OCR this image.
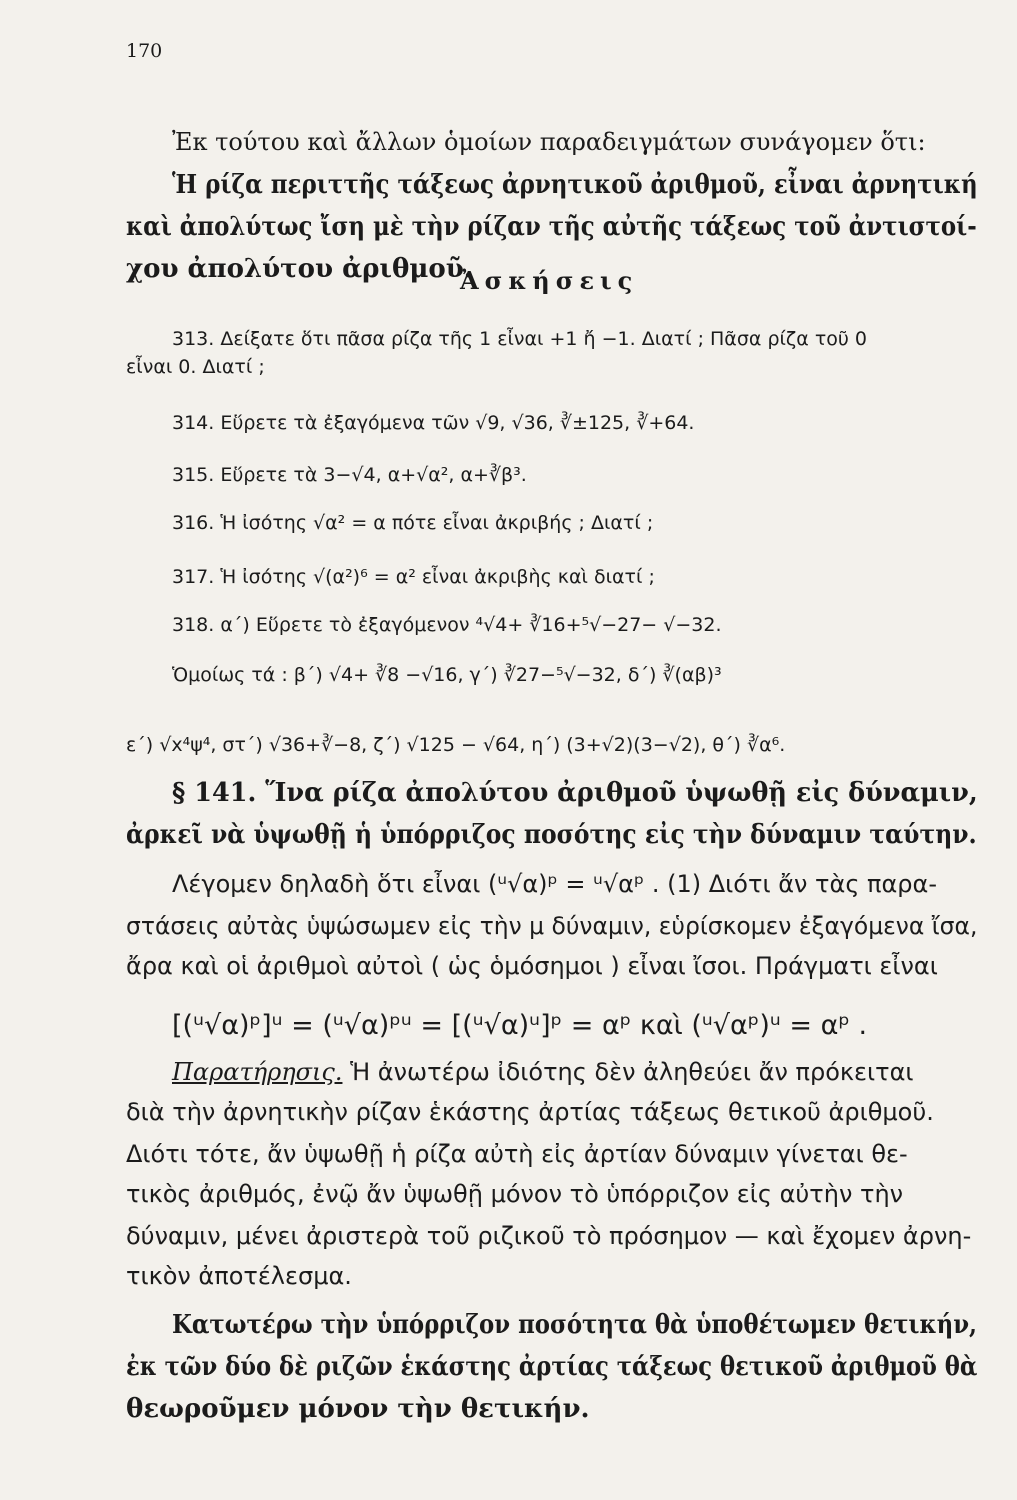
170
Ἐκ τούτου καὶ ἄλλων ὁμοίων παραδειγμάτων συνάγομεν ὅτι:
Ἡ ρίζα περιττῆς τάξεως ἀρνητικοῦ ἀριθμοῦ, εἶναι ἀρνητική
καὶ ἀπολύτως ἴση μὲ τὴν ρίζαν τῆς αὐτῆς τάξεως τοῦ ἀντιστοί-
χου ἀπολύτου ἀριθμοῦ.
Ἀσκήσεις
313. Δείξατε ὅτι πᾶσα ρίζα τῆς 1 εἶναι +1 ἤ −1. Διατί ; Πᾶσα ρίζα τοῦ 0
εἶναι 0. Διατί ;
314. Εὕρετε τὰ ἐξαγόμενα τῶν √9, √36, ∛±125, ∛+64.
315. Εὕρετε τὰ 3−√4, α+√α², α+∛β³.
316. Ἡ ἰσότης √α² = α πότε εἶναι ἀκριβής ; Διατί ;
317. Ἡ ἰσότης √(α²)⁶ = α² εἶναι ἀκριβὴς καὶ διατί ;
318. α΄) Εὕρετε τὸ ἐξαγόμενον ⁴√4+ ∛16+⁵√−27− √−32.
Ὁμοίως τά : β΄) √4+ ∛8 −√16, γ΄) ∛27−⁵√−32, δ΄) ∛(αβ)³
ε΄) √x⁴ψ⁴, στ΄) √36+∛−8, ζ΄) √125 − √64, η΄) (3+√2)(3−√2), θ΄) ∛α⁶.
§ 141. Ἵνα ρίζα ἀπολύτου ἀριθμοῦ ὑψωθῇ εἰς δύναμιν,
ἀρκεῖ νὰ ὑψωθῇ ἡ ὑπόρριζος ποσότης εἰς τὴν δύναμιν ταύτην.
Λέγομεν δηλαδὴ ὅτι εἶναι (ᵘ√α)ᵖ = ᵘ√αᵖ . (1) Διότι ἄν τὰς παρα-
στάσεις αὐτὰς ὑψώσωμεν εἰς τὴν μ δύναμιν, εὑρίσκομεν ἐξαγόμενα ἴσα,
ἄρα καὶ οἱ ἀριθμοὶ αὐτοὶ ( ὡς ὁμόσημοι ) εἶναι ἴσοι. Πράγματι εἶναι
[(ᵘ√α)ᵖ]ᵘ = (ᵘ√α)ᵖᵘ = [(ᵘ√α)ᵘ]ᵖ = αᵖ καὶ (ᵘ√αᵖ)ᵘ = αᵖ .
Παρατήρησις. Ἡ ἀνωτέρω ἰδιότης δὲν ἀληθεύει ἄν πρόκειται
διὰ τὴν ἀρνητικὴν ρίζαν ἑκάστης ἀρτίας τάξεως θετικοῦ ἀριθμοῦ.
Διότι τότε, ἄν ὑψωθῇ ἡ ρίζα αὐτὴ εἰς ἀρτίαν δύναμιν γίνεται θε-
τικὸς ἀριθμός, ἐνῷ ἄν ὑψωθῇ μόνον τὸ ὑπόρριζον εἰς αὐτὴν τὴν
δύναμιν, μένει ἀριστερὰ τοῦ ριζικοῦ τὸ πρόσημον — καὶ ἔχομεν ἀρνη-
τικὸν ἀποτέλεσμα.
Κατωτέρω τὴν ὑπόρριζον ποσότητα θὰ ὑποθέτωμεν θετικήν,
ἐκ τῶν δύο δὲ ριζῶν ἑκάστης ἀρτίας τάξεως θετικοῦ ἀριθμοῦ θὰ
θεωροῦμεν μόνον τὴν θετικήν.
